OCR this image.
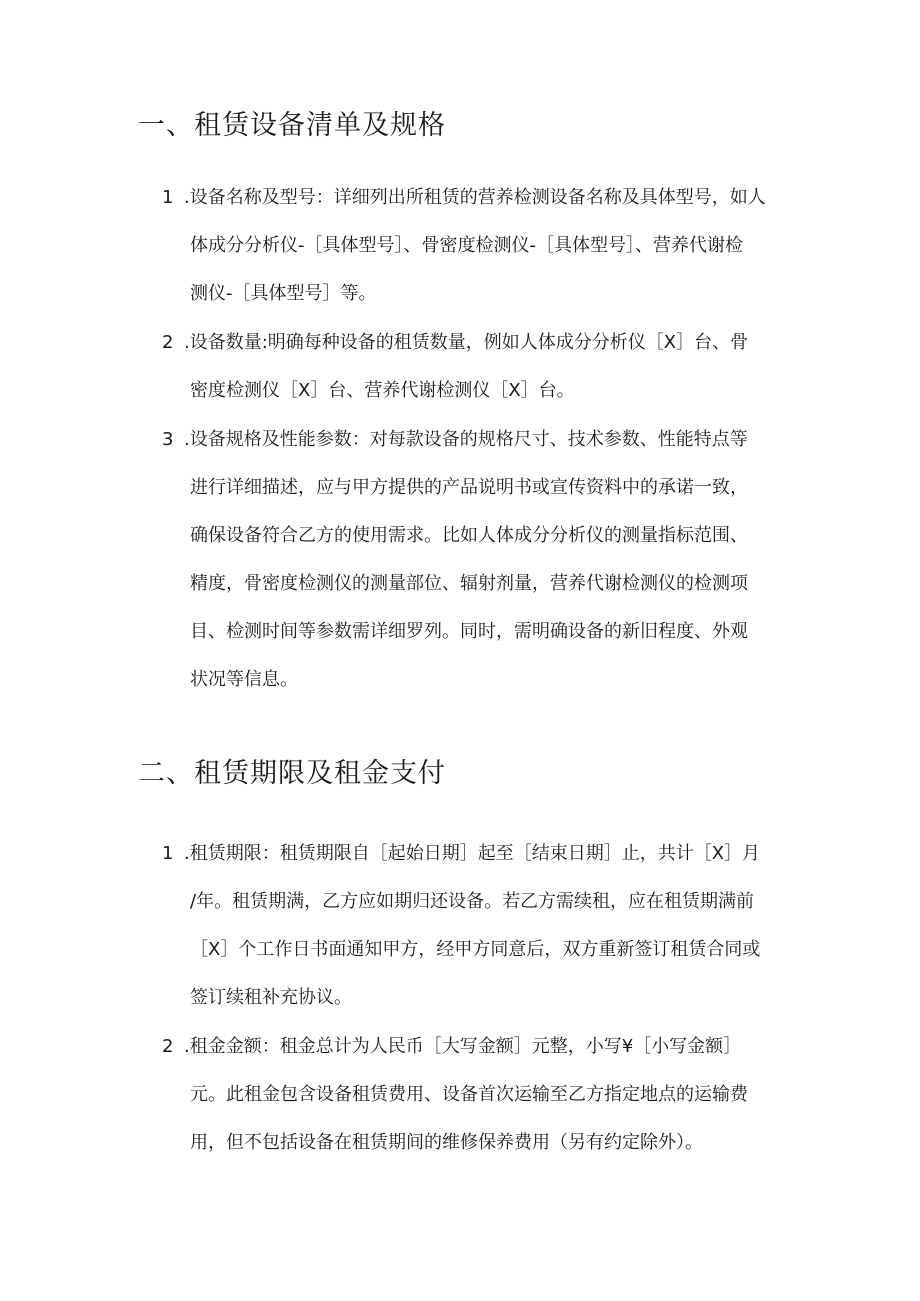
一、租赁设备清单及规格
1 .设备名称及型号：详细列出所租赁的营养检测设备名称及具体型号，如人
体成分分析仪-［具体型号］、骨密度检测仪-［具体型号］、营养代谢检
测仪-［具体型号］等。
2 .设备数量:明确每种设备的租赁数量，例如人体成分分析仪［X］台、骨
密度检测仪［X］台、营养代谢检测仪［X］台。
3 .设备规格及性能参数：对每款设备的规格尺寸、技术参数、性能特点等
进行详细描述，应与甲方提供的产品说明书或宣传资料中的承诺一致，
确保设备符合乙方的使用需求。比如人体成分分析仪的测量指标范围、
精度，骨密度检测仪的测量部位、辐射剂量，营养代谢检测仪的检测项
目、检测时间等参数需详细罗列。同时，需明确设备的新旧程度、外观
状况等信息。
二、租赁期限及租金支付
1 .租赁期限：租赁期限自［起始日期］起至［结束日期］止，共计［X］月
/年。租赁期满，乙方应如期归还设备。若乙方需续租，应在租赁期满前
［X］个工作日书面通知甲方，经甲方同意后，双方重新签订租赁合同或
签订续租补充协议。
2 .租金金额：租金总计为人民币［大写金额］元整，小写¥［小写金额］
元。此租金包含设备租赁费用、设备首次运输至乙方指定地点的运输费
用，但不包括设备在租赁期间的维修保养费用（另有约定除外）。
